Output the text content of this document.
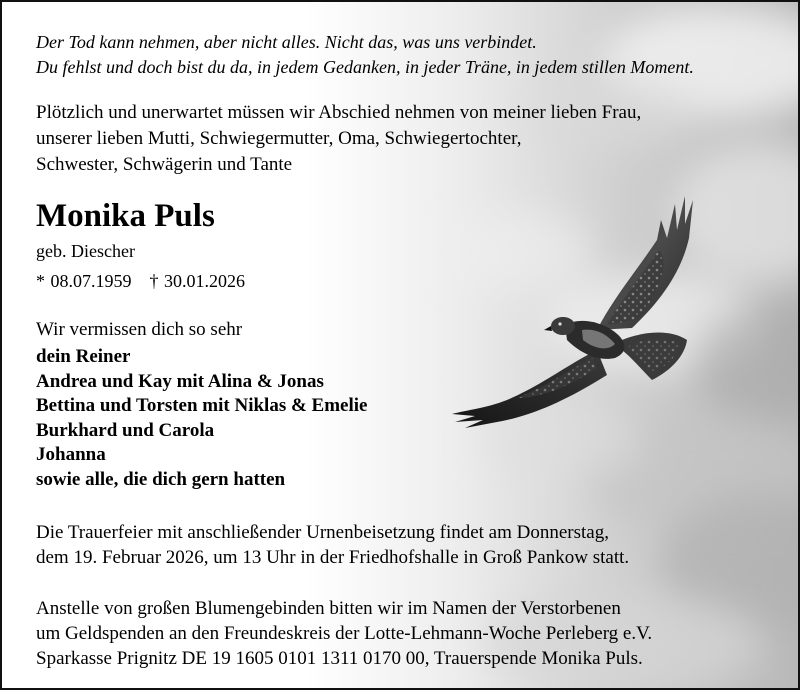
Der Tod kann nehmen, aber nicht alles. Nicht das, was uns verbindet.
Du fehlst und doch bist du da, in jedem Gedanken, in jeder Träne, in jedem stillen Moment.
Plötzlich und unerwartet müssen wir Abschied nehmen von meiner lieben Frau,
unserer lieben Mutti, Schwiegermutter, Oma, Schwiegertochter,
Schwester, Schwägerin und Tante
Monika Puls
geb. Diescher
* 08.07.1959 † 30.01.2026
Wir vermissen dich so sehr
dein Reiner
Andrea und Kay mit Alina & Jonas
Bettina und Torsten mit Niklas & Emelie
Burkhard und Carola
Johanna
sowie alle, die dich gern hatten
Die Trauerfeier mit anschließender Urnenbeisetzung findet am Donnerstag,
dem 19. Februar 2026, um 13 Uhr in der Friedhofshalle in Groß Pankow statt.
Anstelle von großen Blumengebinden bitten wir im Namen der Verstorbenen
um Geldspenden an den Freundeskreis der Lotte-Lehmann-Woche Perleberg e.V.
Sparkasse Prignitz DE 19 1605 0101 1311 0170 00, Trauerspende Monika Puls.
